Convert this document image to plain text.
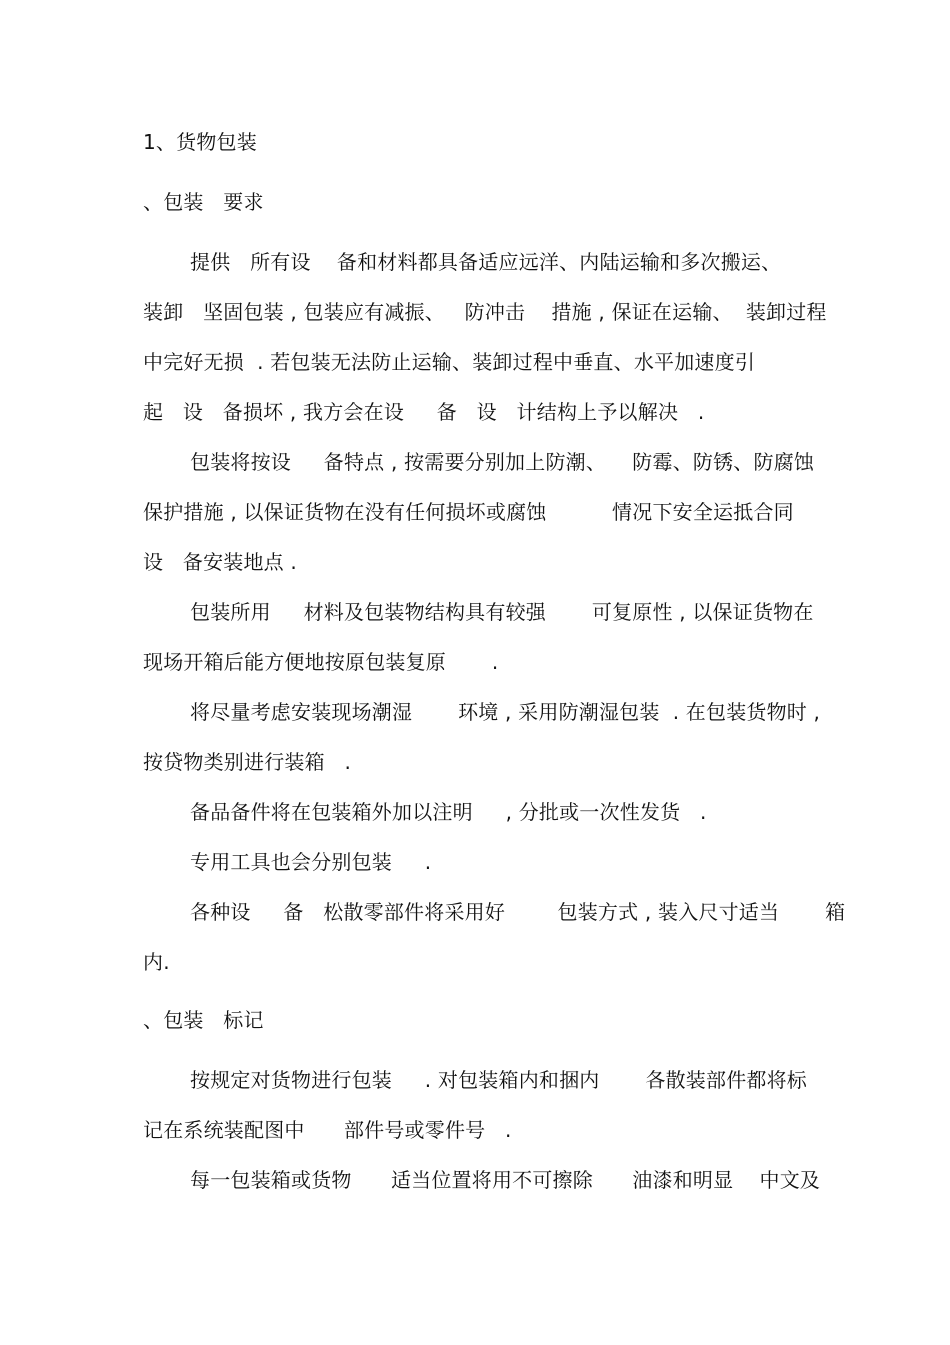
1、货物包装
、包装   要求
提供   所有设    备和材料都具备适应远洋、内陆运输和多次搬运、
装卸   坚固包装 , 包装应有减振、   防冲击    措施 , 保证在运输、  装卸过程
中完好无损  . 若包装无法防止运输、装卸过程中垂直、水平加速度引
起   设   备损坏 , 我方会在设     备   设   计结构上予以解决   .
包装将按设     备特点 , 按需要分别加上防潮、    防霉、防锈、防腐蚀
保护措施 , 以保证货物在没有任何损坏或腐蚀          情况下安全运抵合同
设   备安装地点 .
包装所用     材料及包装物结构具有较强       可复原性 , 以保证货物在
现场开箱后能方便地按原包装复原       .
将尽量考虑安装现场潮湿       环境 , 采用防潮湿包装  . 在包装货物时 ,
按贷物类别进行装箱   .
备品备件将在包装箱外加以注明     , 分批或一次性发货   .
专用工具也会分别包装     .
各种设     备   松散零部件将采用好        包装方式 , 装入尺寸适当       箱
内.
、包装   标记
按规定对货物进行包装     . 对包装箱内和捆内       各散装部件都将标
记在系统装配图中      部件号或零件号   .
每一包装箱或货物      适当位置将用不可擦除      油漆和明显    中文及
